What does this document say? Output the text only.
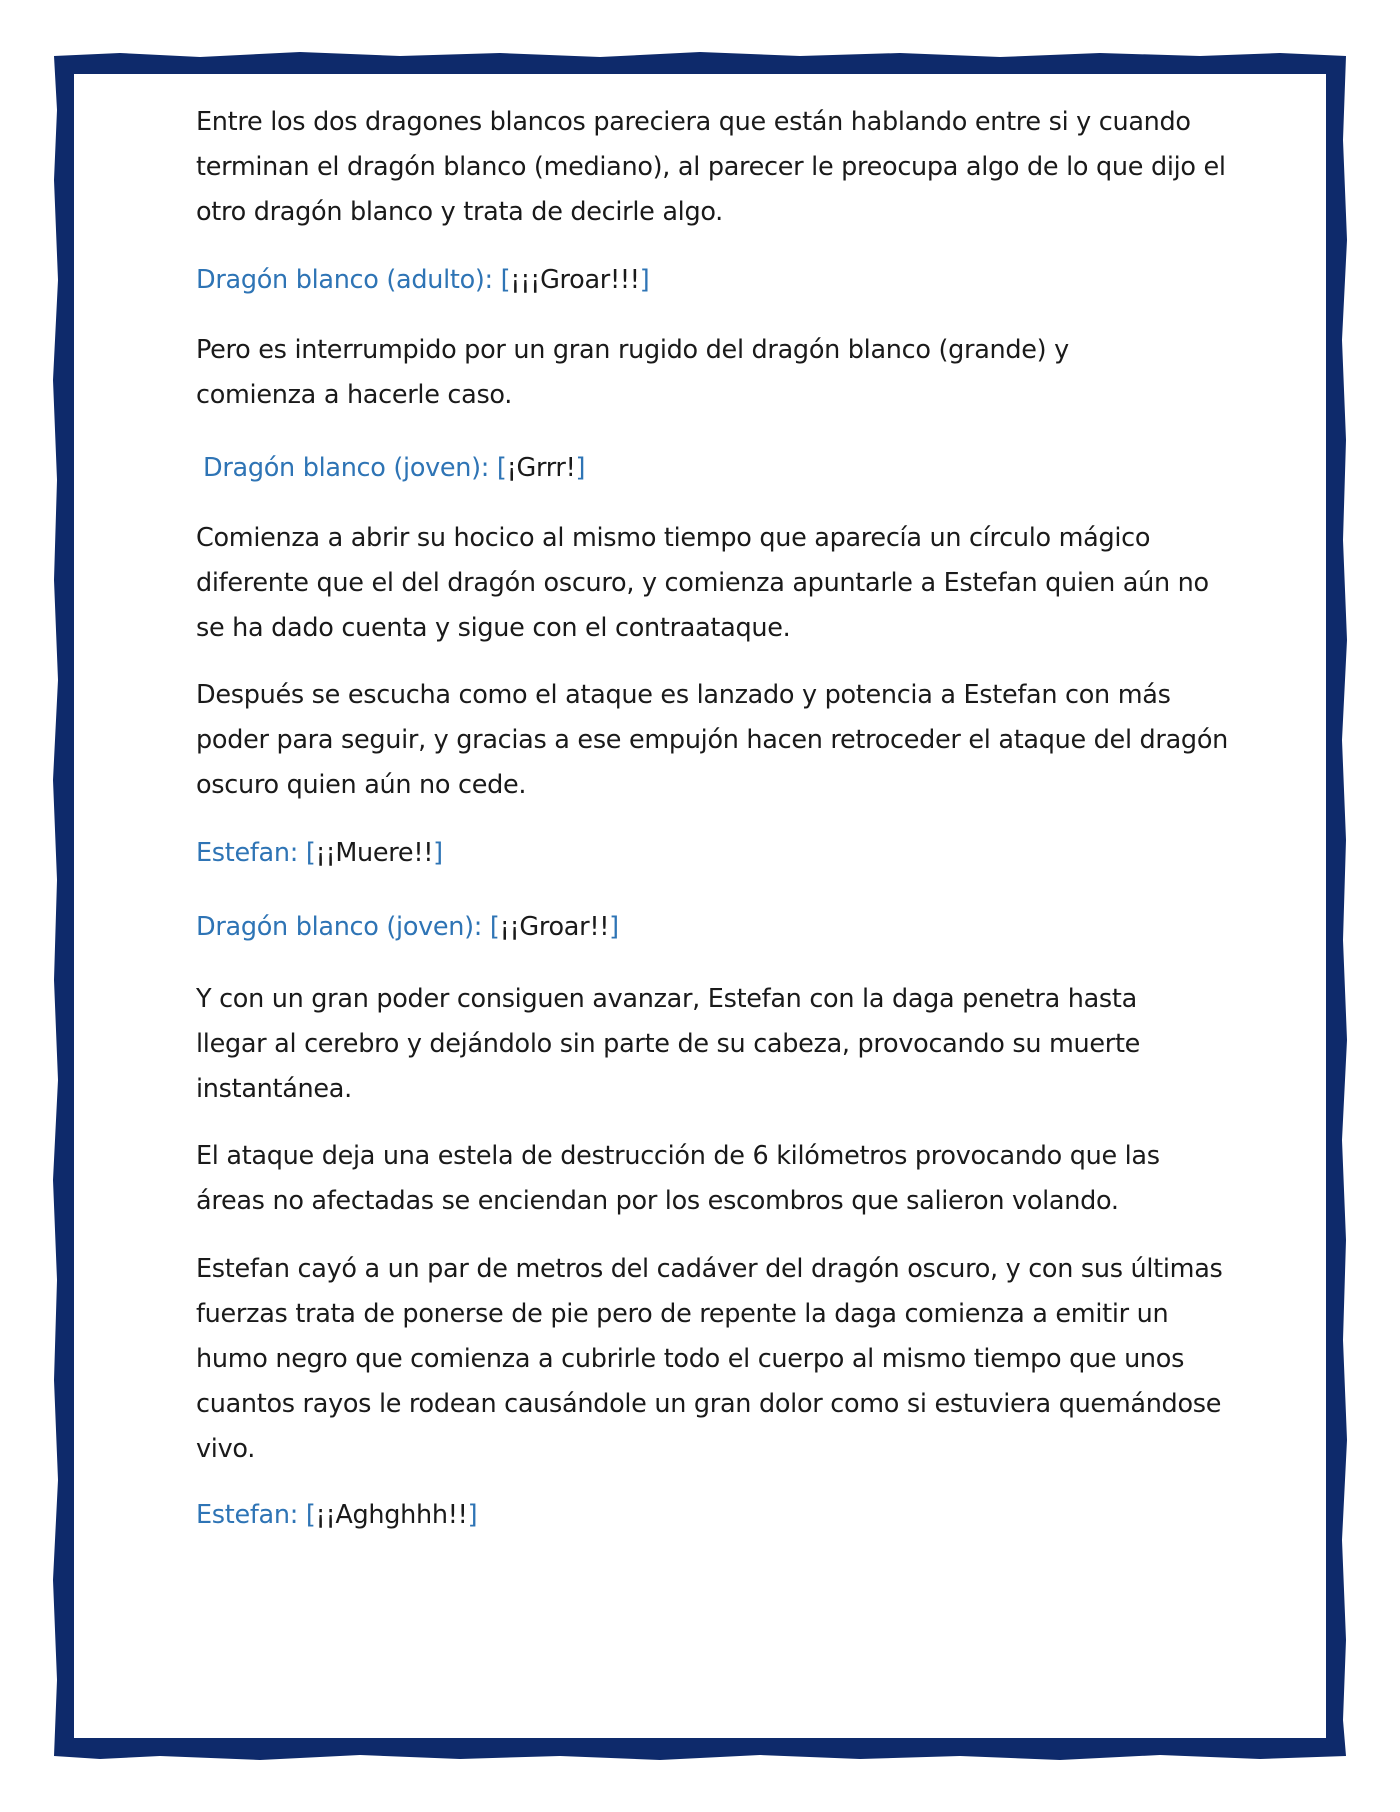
Entre los dos dragones blancos pareciera que están hablando entre si y cuando terminan el dragón blanco (mediano), al parecer le preocupa algo de lo que dijo el otro dragón blanco y trata de decirle algo.

Dragón blanco (adulto): [¡¡¡Groar!!!]

Pero es interrumpido por un gran rugido del dragón blanco (grande) y comienza a hacerle caso.

Dragón blanco (joven): [¡Grrr!]

Comienza a abrir su hocico al mismo tiempo que aparecía un círculo mágico diferente que el del dragón oscuro, y comienza apuntarle a Estefan quien aún no se ha dado cuenta y sigue con el contraataque.

Después se escucha como el ataque es lanzado y potencia a Estefan con más poder para seguir, y gracias a ese empujón hacen retroceder el ataque del dragón oscuro quien aún no cede.

Estefan: [¡¡Muere!!]

Dragón blanco (joven): [¡¡Groar!!]

Y con un gran poder consiguen avanzar, Estefan con la daga penetra hasta llegar al cerebro y dejándolo sin parte de su cabeza, provocando su muerte instantánea.

El ataque deja una estela de destrucción de 6 kilómetros provocando que las áreas no afectadas se enciendan por los escombros que salieron volando.

Estefan cayó a un par de metros del cadáver del dragón oscuro, y con sus últimas fuerzas trata de ponerse de pie pero de repente la daga comienza a emitir un humo negro que comienza a cubrirle todo el cuerpo al mismo tiempo que unos cuantos rayos le rodean causándole un gran dolor como si estuviera quemándose vivo.

Estefan: [¡¡Aghghhh!!]
